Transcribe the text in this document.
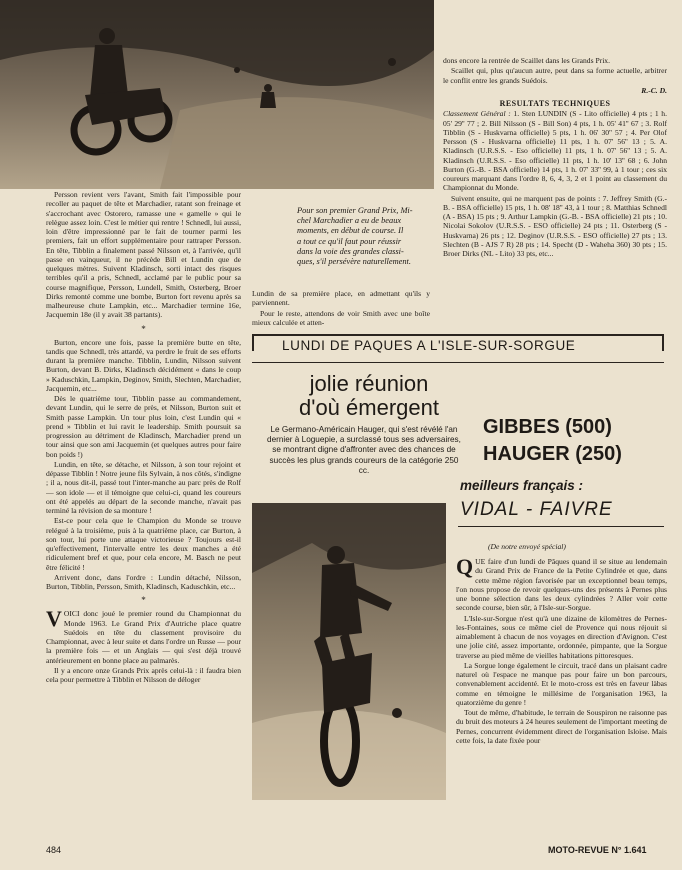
Pour son premier Grand Prix, Mi-

chel Marchadier a eu de beaux

moments, en début de course. Il

a tout ce qu'il faut pour réussir

dans la voie des grandes classi-

ques, s'il persévère naturellement.

Persson revient vers l'avant, Smith fait l'impossible pour recoller au paquet de tête et Marchadier, ratant son freinage et s'accrochant avec Ostorero, ramasse une « gamelle » qui le relègue assez loin. C'est le métier qui rentre ! Schnedl, lui aussi, loin d'être impressionné par le fait de tourner parmi les premiers, fait un effort supplémentaire pour rattraper Persson. En tête, Tibblin a finalement passé Nilsson et, à l'arrivée, qu'il passe en vainqueur, il ne précède Bill et Lundin que de quelques mètres. Suivent Kladinsch, sorti intact des risques terribles qu'il a pris, Schnedl, acclamé par le public pour sa course magnifique, Persson, Lundell, Smith, Osterberg, Broer Dirks remonté comme une bombe, Burton fort revenu après sa malheureuse chute Lampkin, etc... Marchadier termine 16e, Jacquemin 18e (il y avait 38 partants).

*

Burton, encore une fois, passe la première butte en tête, tandis que Schnedl, très attardé, va perdre le fruit de ses efforts durant la première manche. Tibblin, Lundin, Nilsson suivent Burton, devant B. Dirks, Kladinsch décidément « dans le coup » Kaduschkin, Lampkin, Deginov, Smith, Slechten, Marchadier, Jacquemin, etc...

Dès le quatrième tour, Tibblin passe au commandement, devant Lundin, qui le serre de près, et Nilsson, Burton suit et Smith passe Lampkin. Un tour plus loin, c'est Lundin qui « prend » Tibblin et lui ravit le leadership. Smith poursuit sa progression au détriment de Kladinsch, Marchadier prend un tour ainsi que son ami Jacquemin (et quelques autres pour faire bon poids !)

Lundin, en tête, se détache, et Nilsson, à son tour rejoint et dépasse Tibblin ! Notre jeune fils Sylvain, à nos côtés, s'indigne ; il a, nous dit-il, passé tout l'inter-manche au parc près de Rolf — son idole — et il témoigne que celui-ci, quand les coureurs ont été appelés au départ de la seconde manche, n'avait pas terminé la révision de sa monture !

Est-ce pour cela que le Champion du Monde se trouve relégué à la troisième, puis à la quatrième place, car Burton, à son tour, lui porte une attaque victorieuse ? Toujours est-il qu'effectivement, l'intervalle entre les deux manches a été ridiculement bref et que, pour cela encore, M. Basch ne peut être félicité !

Arrivent donc, dans l'ordre : Lundin détaché, Nilsson, Burton, Tibblin, Persson, Smith, Kladinsch, Kaduschkin, etc...

*

VOICI donc joué le premier round du Championnat du Monde 1963. Le Grand Prix d'Autriche place quatre Suédois en tête du classement provisoire du Championnat, avec à leur suite et dans l'ordre un Russe — pour la première fois — et un Anglais — qui s'est déjà trouvé antérieurement en bonne place au palmarès.

Il y a encore onze Grands Prix après celui-là : il faudra bien cela pour permettre à Tibblin et Nilsson de déloger

Lundin de sa première place, en admettant qu'ils y parviennent.

Pour le reste, attendons de voir Smith avec une boîte mieux calculée et atten-

dons encore la rentrée de Scaillet dans les Grands Prix.

Scaillet qui, plus qu'aucun autre, peut dans sa forme actuelle, arbitrer le conflit entre les grands Suédois.

R.-C. D.

RESULTATS TECHNIQUES

Classement Général : 1. Sten LUNDIN (S - Lito officielle) 4 pts ; 1 h. 05' 29'' 77 ; 2. Bill Nilsson (S - Bill Son) 4 pts, 1 h. 05' 41'' 67 ; 3. Rolf Tibblin (S - Huskvarna officielle) 5 pts, 1 h. 06' 30'' 57 ; 4. Per Olof Persson (S - Huskvarna officielle) 11 pts, 1 h. 07' 56'' 13 ; 5. A. Kladinsch (U.R.S.S. - Eso officielle) 11 pts, 1 h. 07' 56'' 13 ; 5. A. Kladinsch (U.R.S.S. - Eso officielle) 11 pts, 1 h. 10' 13'' 68 ; 6. John Burton (G.-B. - BSA officielle) 14 pts, 1 h. 07' 33'' 99, à 1 tour ; ces six coureurs marquant dans l'ordre 8, 6, 4, 3, 2 et 1 point au classement du Championnat du Monde.

Suivent ensuite, qui ne marquent pas de points : 7. Jeffrey Smith (G.-B. - BSA officielle) 15 pts, 1 h. 08' 18'' 43, à 1 tour ; 8. Matthias Schnedl (A - BSA) 15 pts ; 9. Arthur Lampkin (G.-B. - BSA officielle) 21 pts ; 10. Nicolai Sokolov (U.R.S.S. - ESO officielle) 24 pts ; 11. Osterberg (S - Huskvarna) 26 pts ; 12. Deginov (U.R.S.S. - ESO officielle) 27 pts ; 13. Slechten (B - AJS 7 R) 28 pts ; 14. Specht (D - Waheha 360) 30 pts ; 15. Broer Dirks (NL - Lito) 33 pts, etc...

LUNDI DE PAQUES A L'ISLE-SUR-SORGUE
jolie réunion
d'où émergent
Le Germano-Américain Hauger, qui s'est révélé l'an dernier à Loguepie, a surclassé tous ses adversaires, se montrant digne d'affronter avec des chances de succès les plus grands coureurs de la catégorie 250 cc.
GIBBES (500)
HAUGER (250)
meilleurs français :
VIDAL - FAIVRE
(De notre envoyé spécial)

QUE faire d'un lundi de Pâques quand il se situe au lendemain du Grand Prix de France de la Petite Cylindrée et que, dans cette même région favorisée par un exceptionnel beau temps, l'on nous propose de revoir quelques-uns des présents à Pernes plus une bonne sélection dans les deux cylindrées ? Aller voir cette seconde course, bien sûr, à l'Isle-sur-Sorgue.

L'Isle-sur-Sorgue n'est qu'à une dizaine de kilomètres de Pernes-les-Fontaines, sous ce même ciel de Provence qui nous réjouit si aimablement à chacun de nos voyages en direction d'Avignon. C'est une jolie cité, assez importante, ordonnée, pimpante, que la Sorgue traverse au pied même de vieilles habitations pittoresques.

La Sorgue longe également le circuit, tracé dans un plaisant cadre naturel où l'espace ne manque pas pour faire un bon parcours, convenablement accidenté. Et le moto-cross est très en faveur làbas comme en témoigne le millésime de l'organisation 1963, la quatorzième du genre !

Tout de même, d'habitude, le terrain de Souspiron ne raisonne pas du bruit des moteurs à 24 heures seulement de l'important meeting de Pernes, concurrent évidemment direct de l'organisation Isloise. Mais cette fois, la date fixée pour

484	MOTO-REVUE N° 1.641
